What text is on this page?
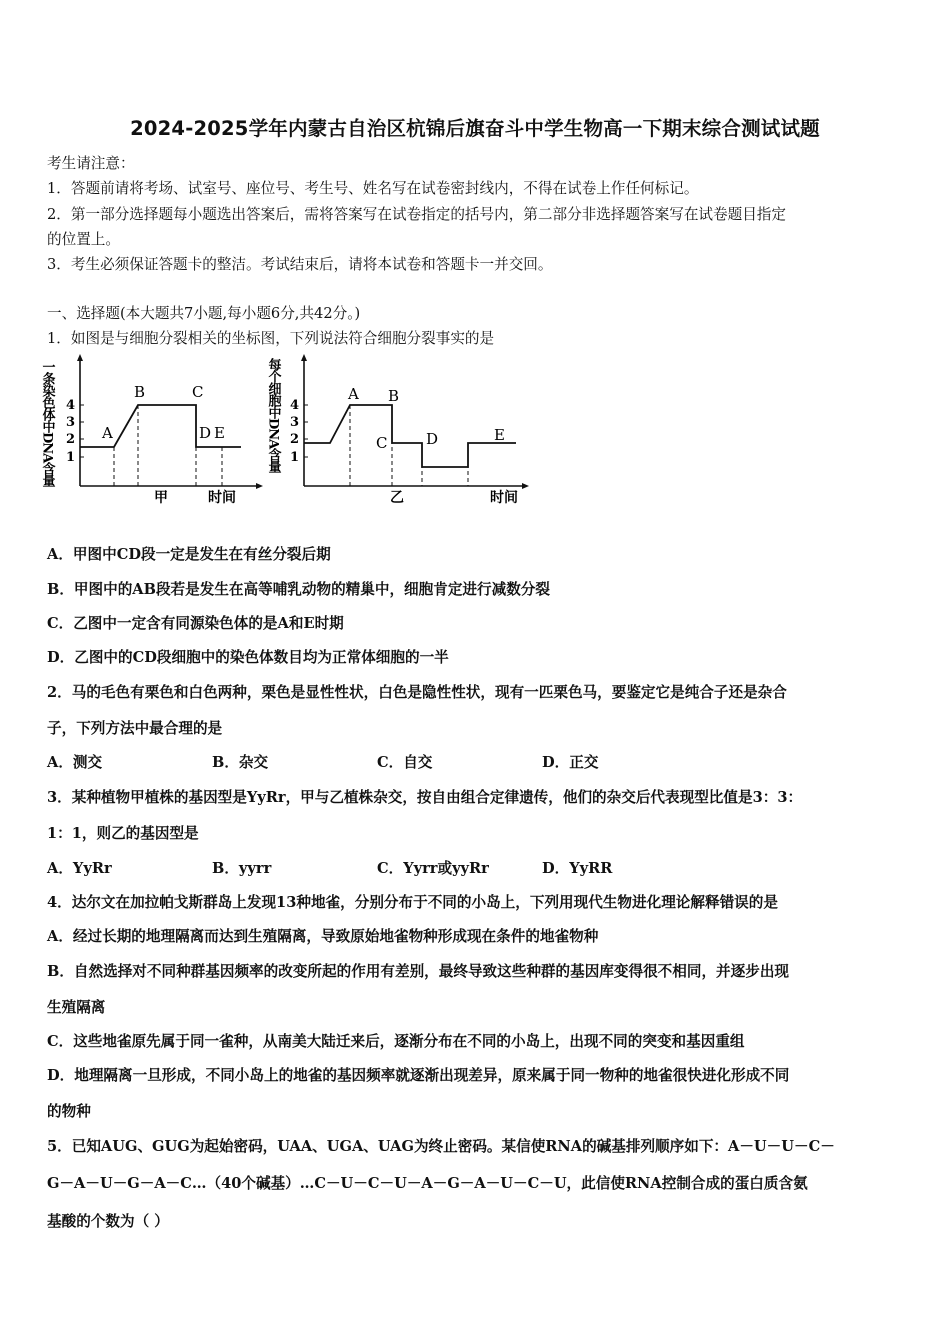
2024-2025学年内蒙古自治区杭锦后旗奋斗中学生物高一下期末综合测试试题
考生请注意：
1．答题前请将考场、试室号、座位号、考生号、姓名写在试卷密封线内，不得在试卷上作任何标记。
2．第一部分选择题每小题选出答案后，需将答案写在试卷指定的括号内，第二部分非选择题答案写在试卷题目指定
的位置上。
3．考生必须保证答题卡的整洁。考试结束后，请将本试卷和答题卡一并交回。
一、选择题(本大题共7小题,每小题6分,共42分。)
1．如图是与细胞分裂相关的坐标图，下列说法符合细胞分裂事实的是
一条染色体中DNA含量 4
3
2
1
A
B	C
D E
甲	时间
每个细胞中DNA含量 4
3
2
1
A B
C	D	E
乙	时间
A．甲图中CD段一定是发生在有丝分裂后期
B．甲图中的AB段若是发生在高等哺乳动物的精巢中，细胞肯定进行减数分裂
C．乙图中一定含有同源染色体的是A和E时期
D．乙图中的CD段细胞中的染色体数目均为正常体细胞的一半
2．马的毛色有栗色和白色两种，栗色是显性性状，白色是隐性性状，现有一匹栗色马，要鉴定它是纯合子还是杂合
子，下列方法中最合理的是
A．测交	B．杂交	C．自交	D．正交
3．某种植物甲植株的基因型是YyRr，甲与乙植株杂交，按自由组合定律遗传，他们的杂交后代表现型比值是3：3：
1：1，则乙的基因型是
A．YyRr	B．yyrr	C．Yyrr或yyRr	D．YyRR
4．达尔文在加拉帕戈斯群岛上发现13种地雀，分别分布于不同的小岛上，下列用现代生物进化理论解释错误的是
A．经过长期的地理隔离而达到生殖隔离，导致原始地雀物种形成现在条件的地雀物种
B．自然选择对不同种群基因频率的改变所起的作用有差别，最终导致这些种群的基因库变得很不相同，并逐步出现
生殖隔离
C．这些地雀原先属于同一雀种，从南美大陆迁来后，逐渐分布在不同的小岛上，出现不同的突变和基因重组
D．地理隔离一旦形成，不同小岛上的地雀的基因频率就逐渐出现差异，原来属于同一物种的地雀很快进化形成不同
的物种
5．已知AUG、GUG为起始密码，UAA、UGA、UAG为终止密码。某信使RNA的碱基排列顺序如下：A－U－U－C－
G－A－U－G－A－C…（40个碱基）…C－U－C－U－A－G－A－U－C－U，此信使RNA控制合成的蛋白质含氨
基酸的个数为（ ）
